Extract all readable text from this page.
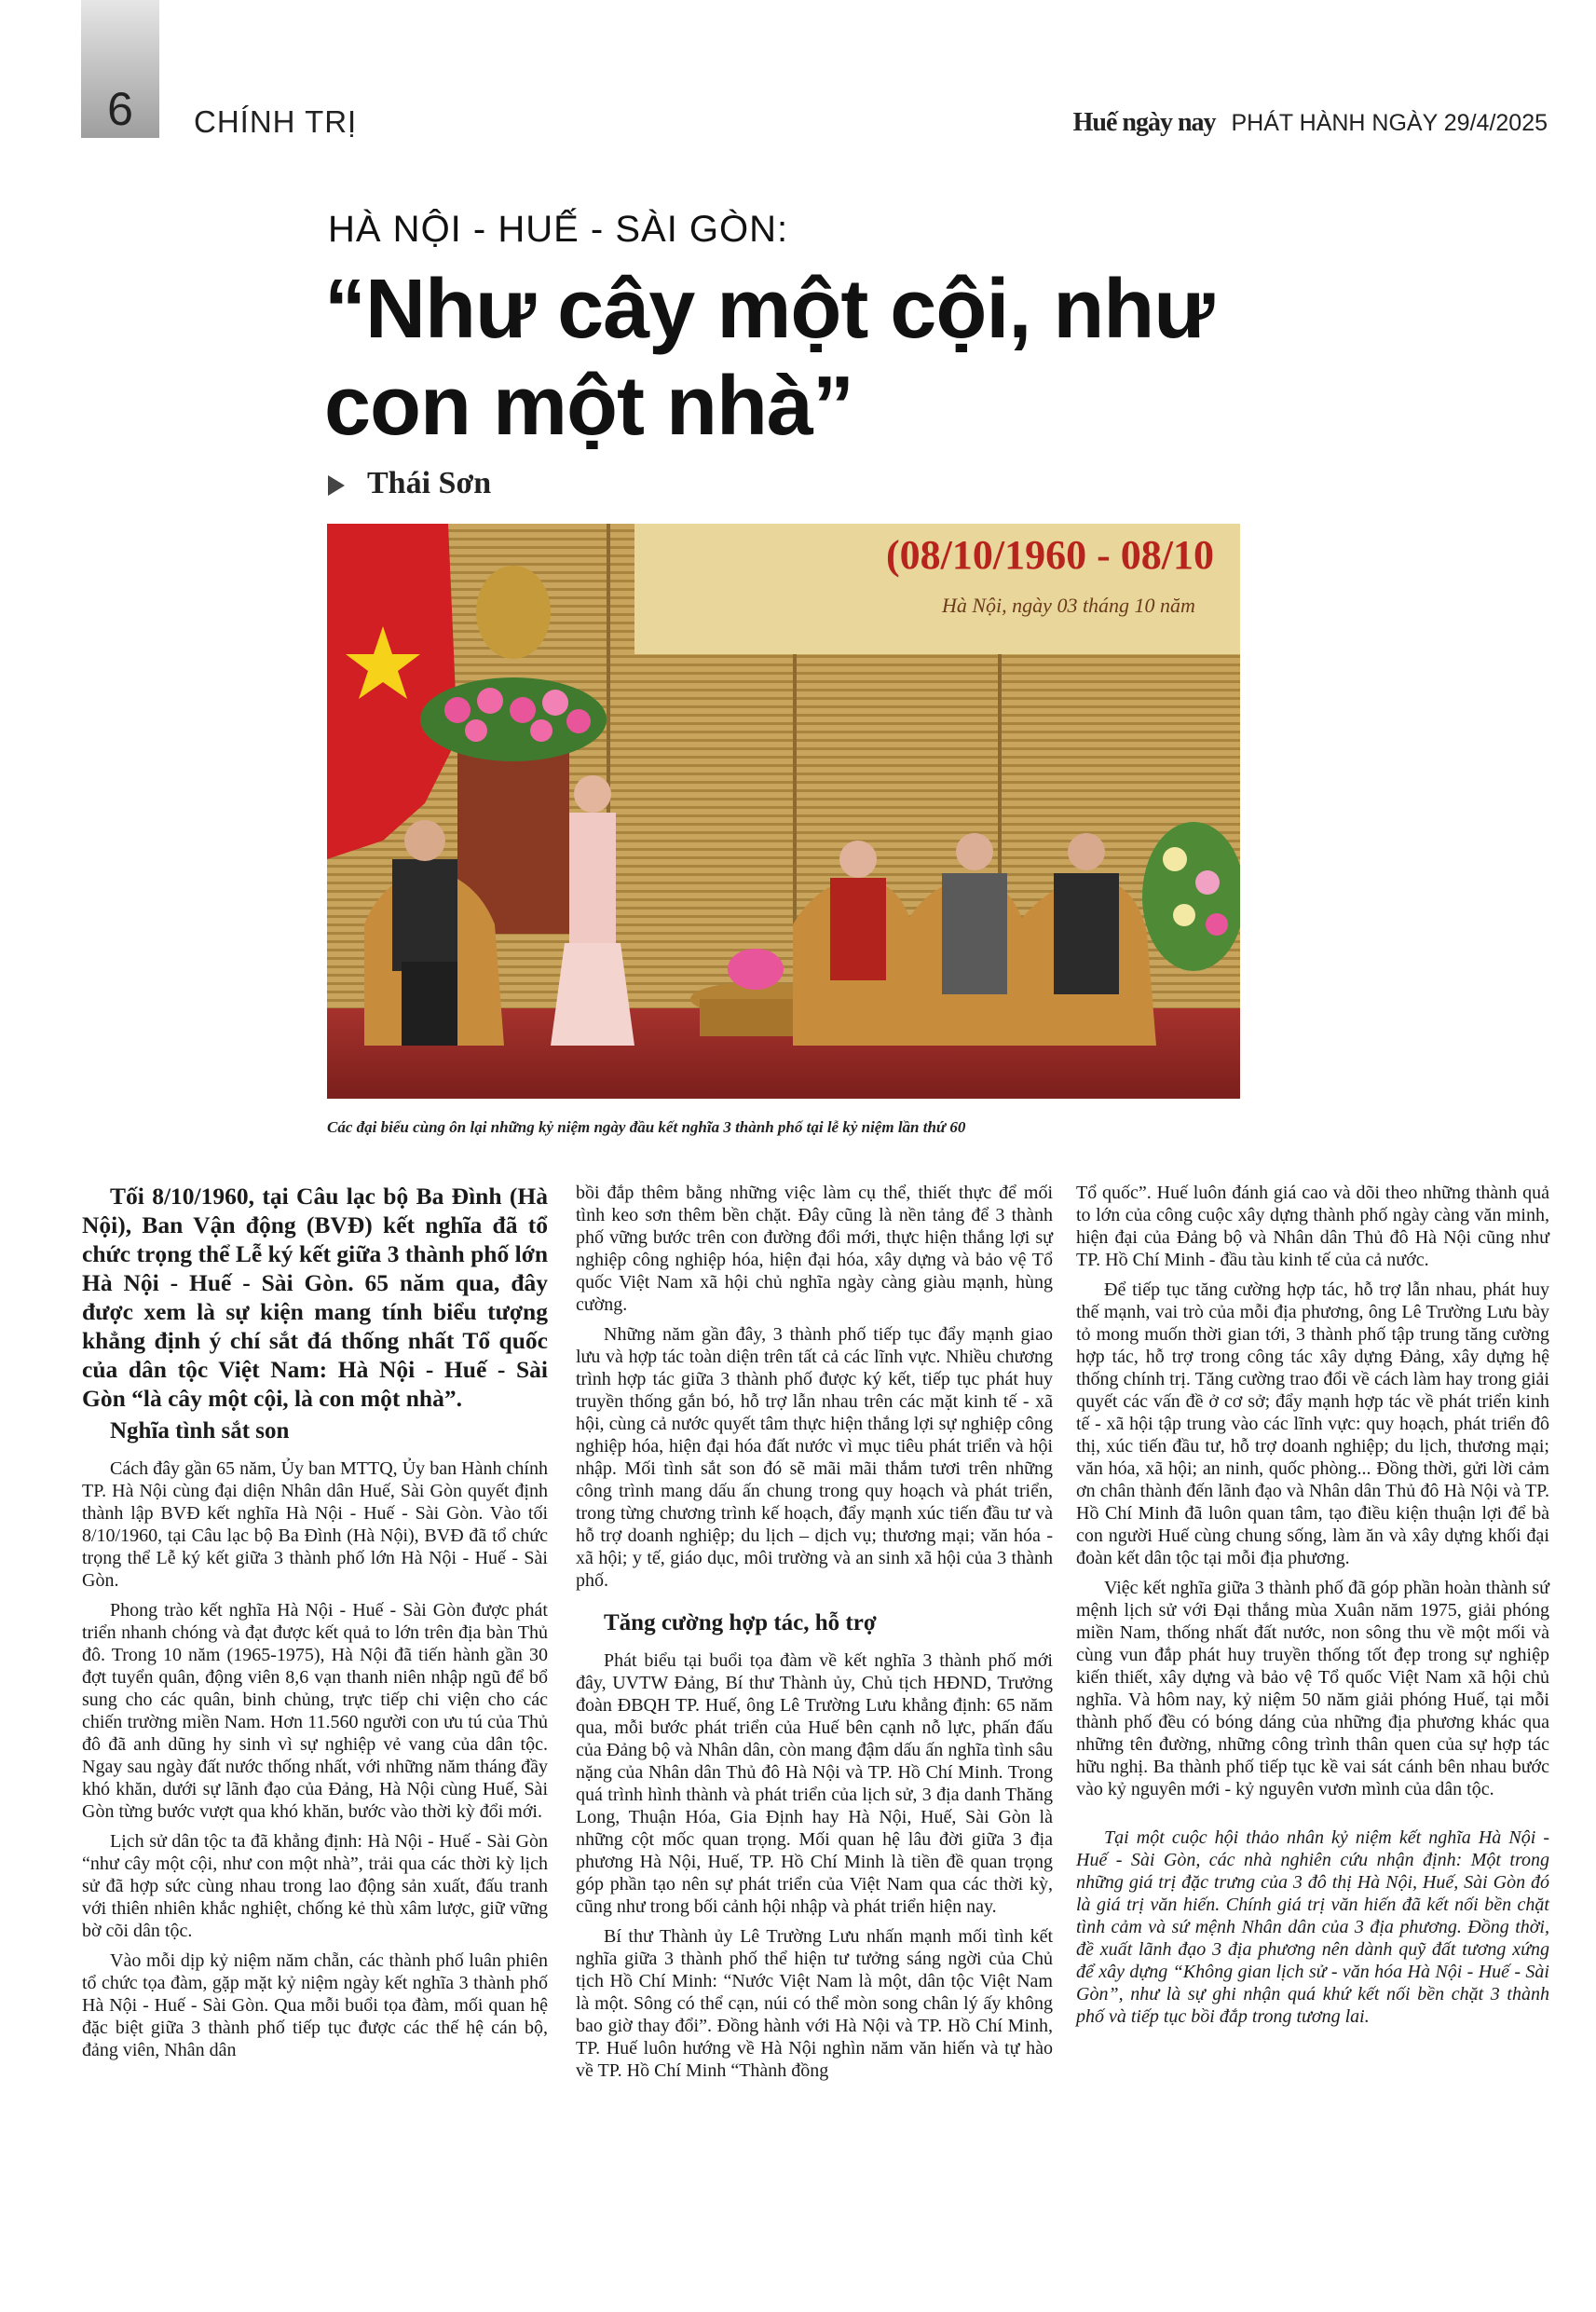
6	CHÍNH TRỊ	Huế ngày nay PHÁT HÀNH NGÀY 29/4/2025
HÀ NỘI - HUẾ - SÀI GÒN:
“Như cây một cội, như con một nhà”
Thái Sơn
(08/10/1960 - 08/10
Hà Nội, ngày 03 tháng 10 năm
Các đại biểu cùng ôn lại những kỷ niệm ngày đầu kết nghĩa 3 thành phố tại lễ kỷ niệm lần thứ 60

Tối 8/10/1960, tại Câu lạc bộ Ba Đình (Hà Nội), Ban Vận động (BVĐ) kết nghĩa đã tổ chức trọng thể Lễ ký kết giữa 3 thành phố lớn Hà Nội - Huế - Sài Gòn. 65 năm qua, đây được xem là sự kiện mang tính biểu tượng khẳng định ý chí sắt đá thống nhất Tổ quốc của dân tộc Việt Nam: Hà Nội - Huế - Sài Gòn “là cây một cội, là con một nhà”.

Nghĩa tình sắt son

Cách đây gần 65 năm, Ủy ban MTTQ, Ủy ban Hành chính TP. Hà Nội cùng đại diện Nhân dân Huế, Sài Gòn quyết định thành lập BVĐ kết nghĩa Hà Nội - Huế - Sài Gòn. Vào tối 8/10/1960, tại Câu lạc bộ Ba Đình (Hà Nội), BVĐ đã tổ chức trọng thể Lễ ký kết giữa 3 thành phố lớn Hà Nội - Huế - Sài Gòn.

Phong trào kết nghĩa Hà Nội - Huế - Sài Gòn được phát triển nhanh chóng và đạt được kết quả to lớn trên địa bàn Thủ đô. Trong 10 năm (1965-1975), Hà Nội đã tiến hành gần 30 đợt tuyển quân, động viên 8,6 vạn thanh niên nhập ngũ để bổ sung cho các quân, binh chủng, trực tiếp chi viện cho các chiến trường miền Nam. Hơn 11.560 người con ưu tú của Thủ đô đã anh dũng hy sinh vì sự nghiệp vẻ vang của dân tộc. Ngay sau ngày đất nước thống nhất, với những năm tháng đầy khó khăn, dưới sự lãnh đạo của Đảng, Hà Nội cùng Huế, Sài Gòn từng bước vượt qua khó khăn, bước vào thời kỳ đổi mới.

Lịch sử dân tộc ta đã khẳng định: Hà Nội - Huế - Sài Gòn “như cây một cội, như con một nhà”, trải qua các thời kỳ lịch sử đã hợp sức cùng nhau trong lao động sản xuất, đấu tranh với thiên nhiên khắc nghiệt, chống kẻ thù xâm lược, giữ vững bờ cõi dân tộc.

Vào mỗi dịp kỷ niệm năm chẵn, các thành phố luân phiên tổ chức tọa đàm, gặp mặt kỷ niệm ngày kết nghĩa 3 thành phố Hà Nội - Huế - Sài Gòn. Qua mỗi buổi tọa đàm, mối quan hệ đặc biệt giữa 3 thành phố tiếp tục được các thế hệ cán bộ, đảng viên, Nhân dân

bồi đắp thêm bằng những việc làm cụ thể, thiết thực để mối tình keo sơn thêm bền chặt. Đây cũng là nền tảng để 3 thành phố vững bước trên con đường đổi mới, thực hiện thắng lợi sự nghiệp công nghiệp hóa, hiện đại hóa, xây dựng và bảo vệ Tổ quốc Việt Nam xã hội chủ nghĩa ngày càng giàu mạnh, hùng cường.

Những năm gần đây, 3 thành phố tiếp tục đẩy mạnh giao lưu và hợp tác toàn diện trên tất cả các lĩnh vực. Nhiều chương trình hợp tác giữa 3 thành phố được ký kết, tiếp tục phát huy truyền thống gắn bó, hỗ trợ lẫn nhau trên các mặt kinh tế - xã hội, cùng cả nước quyết tâm thực hiện thắng lợi sự nghiệp công nghiệp hóa, hiện đại hóa đất nước vì mục tiêu phát triển và hội nhập. Mối tình sắt son đó sẽ mãi mãi thắm tươi trên những công trình mang dấu ấn chung trong quy hoạch và phát triển, trong từng chương trình kế hoạch, đẩy mạnh xúc tiến đầu tư và hỗ trợ doanh nghiệp; du lịch – dịch vụ; thương mại; văn hóa - xã hội; y tế, giáo dục, môi trường và an sinh xã hội của 3 thành phố.

Tăng cường hợp tác, hỗ trợ

Phát biểu tại buổi tọa đàm về kết nghĩa 3 thành phố mới đây, UVTW Đảng, Bí thư Thành ủy, Chủ tịch HĐND, Trưởng đoàn ĐBQH TP. Huế, ông Lê Trường Lưu khẳng định: 65 năm qua, mỗi bước phát triển của Huế bên cạnh nỗ lực, phấn đấu của Đảng bộ và Nhân dân, còn mang đậm dấu ấn nghĩa tình sâu nặng của Nhân dân Thủ đô Hà Nội và TP. Hồ Chí Minh. Trong quá trình hình thành và phát triển của lịch sử, 3 địa danh Thăng Long, Thuận Hóa, Gia Định hay Hà Nội, Huế, Sài Gòn là những cột mốc quan trọng. Mối quan hệ lâu đời giữa 3 địa phương Hà Nội, Huế, TP. Hồ Chí Minh là tiền đề quan trọng góp phần tạo nên sự phát triển của Việt Nam qua các thời kỳ, cũng như trong bối cảnh hội nhập và phát triển hiện nay.

Bí thư Thành ủy Lê Trường Lưu nhấn mạnh mối tình kết nghĩa giữa 3 thành phố thể hiện tư tưởng sáng ngời của Chủ tịch Hồ Chí Minh: “Nước Việt Nam là một, dân tộc Việt Nam là một. Sông có thể cạn, núi có thể mòn song chân lý ấy không bao giờ thay đổi”. Đồng hành với Hà Nội và TP. Hồ Chí Minh, TP. Huế luôn hướng về Hà Nội nghìn năm văn hiến và tự hào về TP. Hồ Chí Minh “Thành đồng

Tổ quốc”. Huế luôn đánh giá cao và dõi theo những thành quả to lớn của công cuộc xây dựng thành phố ngày càng văn minh, hiện đại của Đảng bộ và Nhân dân Thủ đô Hà Nội cũng như TP. Hồ Chí Minh - đầu tàu kinh tế của cả nước.

Để tiếp tục tăng cường hợp tác, hỗ trợ lẫn nhau, phát huy thế mạnh, vai trò của mỗi địa phương, ông Lê Trường Lưu bày tỏ mong muốn thời gian tới, 3 thành phố tập trung tăng cường hợp tác, hỗ trợ trong công tác xây dựng Đảng, xây dựng hệ thống chính trị. Tăng cường trao đổi về cách làm hay trong giải quyết các vấn đề ở cơ sở; đẩy mạnh hợp tác về phát triển kinh tế - xã hội tập trung vào các lĩnh vực: quy hoạch, phát triển đô thị, xúc tiến đầu tư, hỗ trợ doanh nghiệp; du lịch, thương mại; văn hóa, xã hội; an ninh, quốc phòng... Đồng thời, gửi lời cảm ơn chân thành đến lãnh đạo và Nhân dân Thủ đô Hà Nội và TP. Hồ Chí Minh đã luôn quan tâm, tạo điều kiện thuận lợi để bà con người Huế cùng chung sống, làm ăn và xây dựng khối đại đoàn kết dân tộc tại mỗi địa phương.

Việc kết nghĩa giữa 3 thành phố đã góp phần hoàn thành sứ mệnh lịch sử với Đại thắng mùa Xuân năm 1975, giải phóng miền Nam, thống nhất đất nước, non sông thu về một mối và cùng vun đắp phát huy truyền thống tốt đẹp trong sự nghiệp kiến thiết, xây dựng và bảo vệ Tổ quốc Việt Nam xã hội chủ nghĩa. Và hôm nay, kỷ niệm 50 năm giải phóng Huế, tại mỗi thành phố đều có bóng dáng của những địa phương khác qua những tên đường, những công trình thân quen của sự hợp tác hữu nghị. Ba thành phố tiếp tục kề vai sát cánh bên nhau bước vào kỷ nguyên mới - kỷ nguyên vươn mình của dân tộc.

Tại một cuộc hội thảo nhân kỷ niệm kết nghĩa Hà Nội - Huế - Sài Gòn, các nhà nghiên cứu nhận định: Một trong những giá trị đặc trưng của 3 đô thị Hà Nội, Huế, Sài Gòn đó là giá trị văn hiến. Chính giá trị văn hiến đã kết nối bền chặt tình cảm và sứ mệnh Nhân dân của 3 địa phương. Đồng thời, đề xuất lãnh đạo 3 địa phương nên dành quỹ đất tương xứng để xây dựng “Không gian lịch sử - văn hóa Hà Nội - Huế - Sài Gòn”, như là sự ghi nhận quá khứ kết nối bền chặt 3 thành phố và tiếp tục bồi đắp trong tương lai.
